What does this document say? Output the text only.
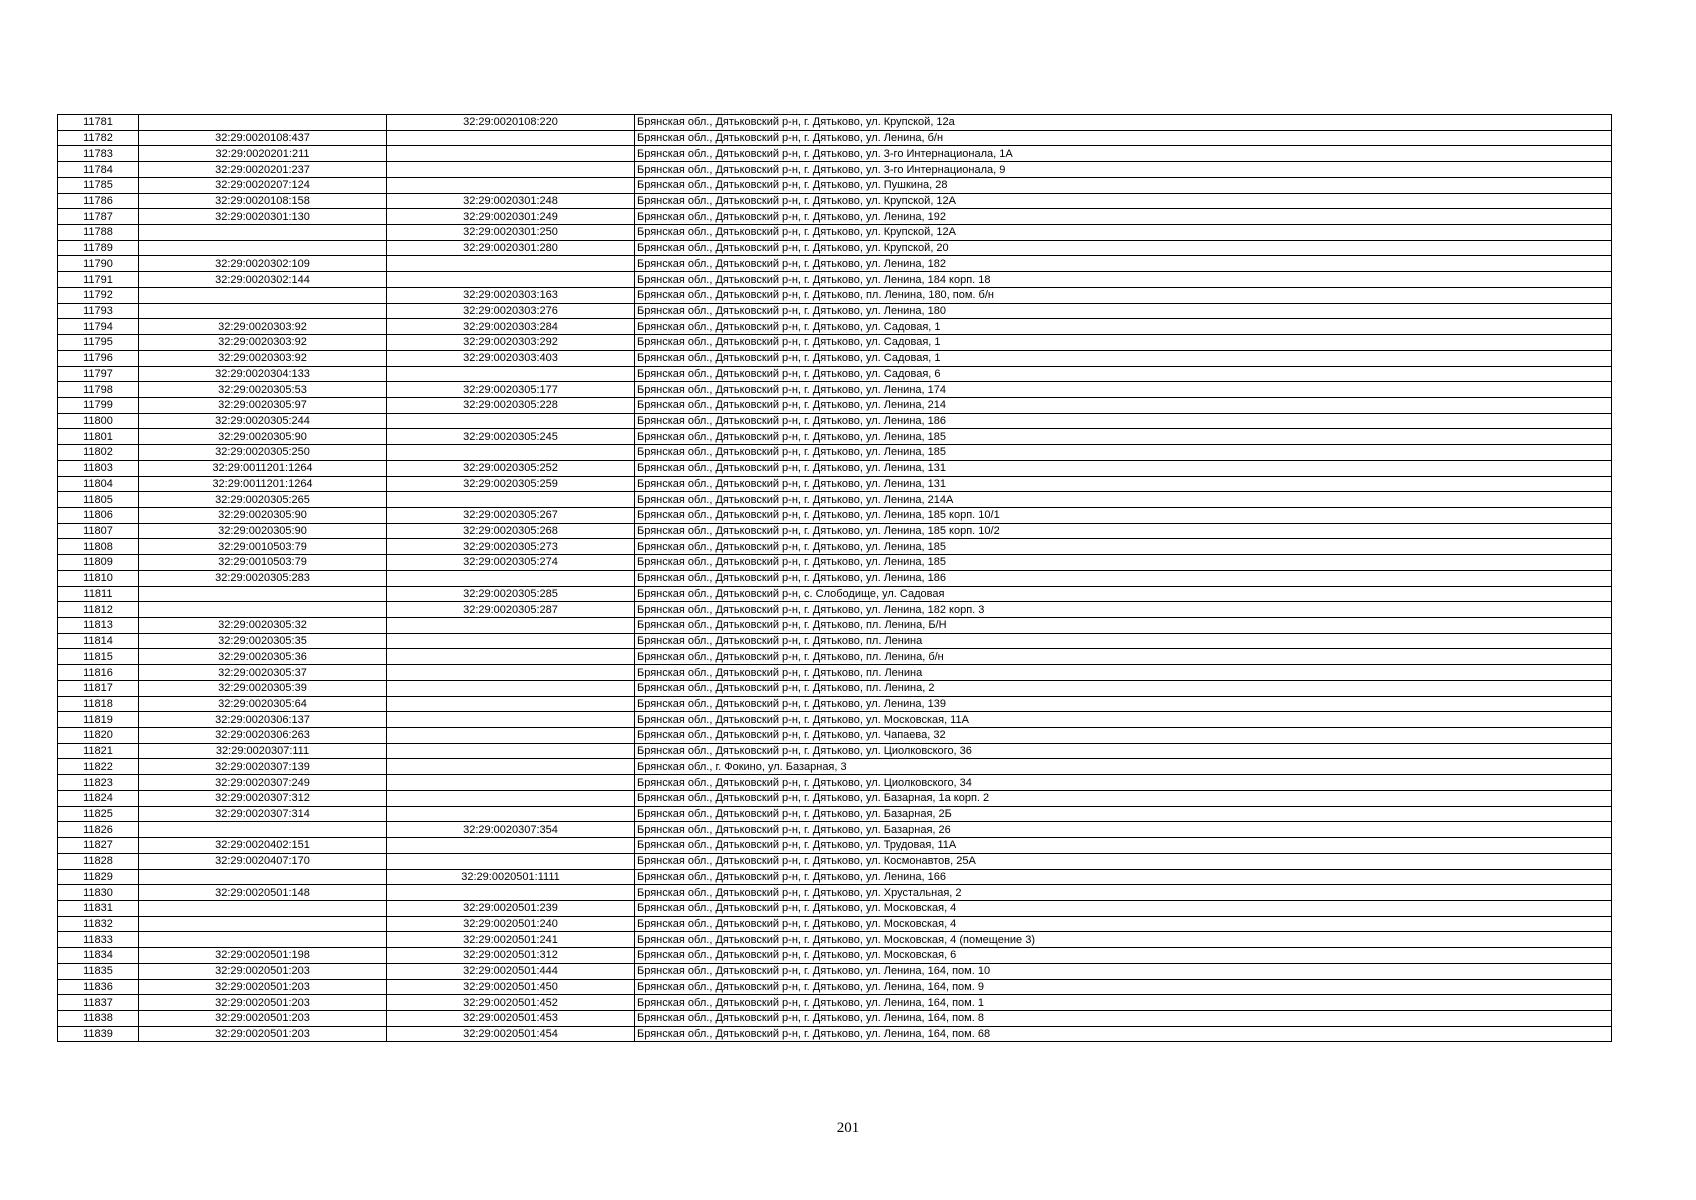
11781		32:29:0020108:220	Брянская обл., Дятьковский р-н, г. Дятьково, ул. Крупской, 12а
11782	32:29:0020108:437		Брянская обл., Дятьковский р-н, г. Дятьково, ул. Ленина, б/н
11783	32:29:0020201:211		Брянская обл., Дятьковский р-н, г. Дятьково, ул. 3-го Интернационала, 1А
11784	32:29:0020201:237		Брянская обл., Дятьковский р-н, г. Дятьково, ул. 3-го Интернационала, 9
11785	32:29:0020207:124		Брянская обл., Дятьковский р-н, г. Дятьково, ул. Пушкина, 28
11786	32:29:0020108:158	32:29:0020301:248	Брянская обл., Дятьковский р-н, г. Дятьково, ул. Крупской, 12А
11787	32:29:0020301:130	32:29:0020301:249	Брянская обл., Дятьковский р-н, г. Дятьково, ул. Ленина, 192
11788		32:29:0020301:250	Брянская обл., Дятьковский р-н, г. Дятьково, ул. Крупской, 12А
11789		32:29:0020301:280	Брянская обл., Дятьковский р-н, г. Дятьково, ул. Крупской, 20
11790	32:29:0020302:109		Брянская обл., Дятьковский р-н, г. Дятьково, ул. Ленина, 182
11791	32:29:0020302:144		Брянская обл., Дятьковский р-н, г. Дятьково, ул. Ленина, 184 корп. 18
11792		32:29:0020303:163	Брянская обл., Дятьковский р-н, г. Дятьково, пл. Ленина, 180, пом. б/н
11793		32:29:0020303:276	Брянская обл., Дятьковский р-н, г. Дятьково, ул. Ленина, 180
11794	32:29:0020303:92	32:29:0020303:284	Брянская обл., Дятьковский р-н, г. Дятьково, ул. Садовая, 1
11795	32:29:0020303:92	32:29:0020303:292	Брянская обл., Дятьковский р-н, г. Дятьково, ул. Садовая, 1
11796	32:29:0020303:92	32:29:0020303:403	Брянская обл., Дятьковский р-н, г. Дятьково, ул. Садовая, 1
11797	32:29:0020304:133		Брянская обл., Дятьковский р-н, г. Дятьково, ул. Садовая, 6
11798	32:29:0020305:53	32:29:0020305:177	Брянская обл., Дятьковский р-н, г. Дятьково, ул. Ленина, 174
11799	32:29:0020305:97	32:29:0020305:228	Брянская обл., Дятьковский р-н, г. Дятьково, ул. Ленина, 214
11800	32:29:0020305:244		Брянская обл., Дятьковский р-н, г. Дятьково, ул. Ленина, 186
11801	32:29:0020305:90	32:29:0020305:245	Брянская обл., Дятьковский р-н, г. Дятьково, ул. Ленина, 185
11802	32:29:0020305:250		Брянская обл., Дятьковский р-н, г. Дятьково, ул. Ленина, 185
11803	32:29:0011201:1264	32:29:0020305:252	Брянская обл., Дятьковский р-н, г. Дятьково, ул. Ленина, 131
11804	32:29:0011201:1264	32:29:0020305:259	Брянская обл., Дятьковский р-н, г. Дятьково, ул. Ленина, 131
11805	32:29:0020305:265		Брянская обл., Дятьковский р-н, г. Дятьково, ул. Ленина, 214А
11806	32:29:0020305:90	32:29:0020305:267	Брянская обл., Дятьковский р-н, г. Дятьково, ул. Ленина, 185 корп. 10/1
11807	32:29:0020305:90	32:29:0020305:268	Брянская обл., Дятьковский р-н, г. Дятьково, ул. Ленина, 185 корп. 10/2
11808	32:29:0010503:79	32:29:0020305:273	Брянская обл., Дятьковский р-н, г. Дятьково, ул. Ленина, 185
11809	32:29:0010503:79	32:29:0020305:274	Брянская обл., Дятьковский р-н, г. Дятьково, ул. Ленина, 185
11810	32:29:0020305:283		Брянская обл., Дятьковский р-н, г. Дятьково, ул. Ленина, 186
11811		32:29:0020305:285	Брянская обл., Дятьковский р-н, с. Слободище, ул. Садовая
11812		32:29:0020305:287	Брянская обл., Дятьковский р-н, г. Дятьково, ул. Ленина, 182 корп. 3
11813	32:29:0020305:32		Брянская обл., Дятьковский р-н, г. Дятьково, пл. Ленина, Б/Н
11814	32:29:0020305:35		Брянская обл., Дятьковский р-н, г. Дятьково, пл. Ленина
11815	32:29:0020305:36		Брянская обл., Дятьковский р-н, г. Дятьково, пл. Ленина, б/н
11816	32:29:0020305:37		Брянская обл., Дятьковский р-н, г. Дятьково, пл. Ленина
11817	32:29:0020305:39		Брянская обл., Дятьковский р-н, г. Дятьково, пл. Ленина, 2
11818	32:29:0020305:64		Брянская обл., Дятьковский р-н, г. Дятьково, ул. Ленина, 139
11819	32:29:0020306:137		Брянская обл., Дятьковский р-н, г. Дятьково, ул. Московская, 11А
11820	32:29:0020306:263		Брянская обл., Дятьковский р-н, г. Дятьково, ул. Чапаева, 32
11821	32:29:0020307:111		Брянская обл., Дятьковский р-н, г. Дятьково, ул. Циолковского, 36
11822	32:29:0020307:139		Брянская обл., г. Фокино, ул. Базарная, 3
11823	32:29:0020307:249		Брянская обл., Дятьковский р-н, г. Дятьково, ул. Циолковского, 34
11824	32:29:0020307:312		Брянская обл., Дятьковский р-н, г. Дятьково, ул. Базарная, 1а корп. 2
11825	32:29:0020307:314		Брянская обл., Дятьковский р-н, г. Дятьково, ул. Базарная, 2Б
11826		32:29:0020307:354	Брянская обл., Дятьковский р-н, г. Дятьково, ул. Базарная, 26
11827	32:29:0020402:151		Брянская обл., Дятьковский р-н, г. Дятьково, ул. Трудовая, 11А
11828	32:29:0020407:170		Брянская обл., Дятьковский р-н, г. Дятьково, ул. Космонавтов, 25А
11829		32:29:0020501:1111	Брянская обл., Дятьковский р-н, г. Дятьково, ул. Ленина, 166
11830	32:29:0020501:148		Брянская обл., Дятьковский р-н, г. Дятьково, ул. Хрустальная, 2
11831		32:29:0020501:239	Брянская обл., Дятьковский р-н, г. Дятьково, ул. Московская, 4
11832		32:29:0020501:240	Брянская обл., Дятьковский р-н, г. Дятьково, ул. Московская, 4
11833		32:29:0020501:241	Брянская обл., Дятьковский р-н, г. Дятьково, ул. Московская, 4 (помещение 3)
11834	32:29:0020501:198	32:29:0020501:312	Брянская обл., Дятьковский р-н, г. Дятьково, ул. Московская, 6
11835	32:29:0020501:203	32:29:0020501:444	Брянская обл., Дятьковский р-н, г. Дятьково, ул. Ленина, 164, пом. 10
11836	32:29:0020501:203	32:29:0020501:450	Брянская обл., Дятьковский р-н, г. Дятьково, ул. Ленина, 164, пом. 9
11837	32:29:0020501:203	32:29:0020501:452	Брянская обл., Дятьковский р-н, г. Дятьково, ул. Ленина, 164, пом. 1
11838	32:29:0020501:203	32:29:0020501:453	Брянская обл., Дятьковский р-н, г. Дятьково, ул. Ленина, 164, пом. 8
11839	32:29:0020501:203	32:29:0020501:454	Брянская обл., Дятьковский р-н, г. Дятьково, ул. Ленина, 164, пом. 68
201
